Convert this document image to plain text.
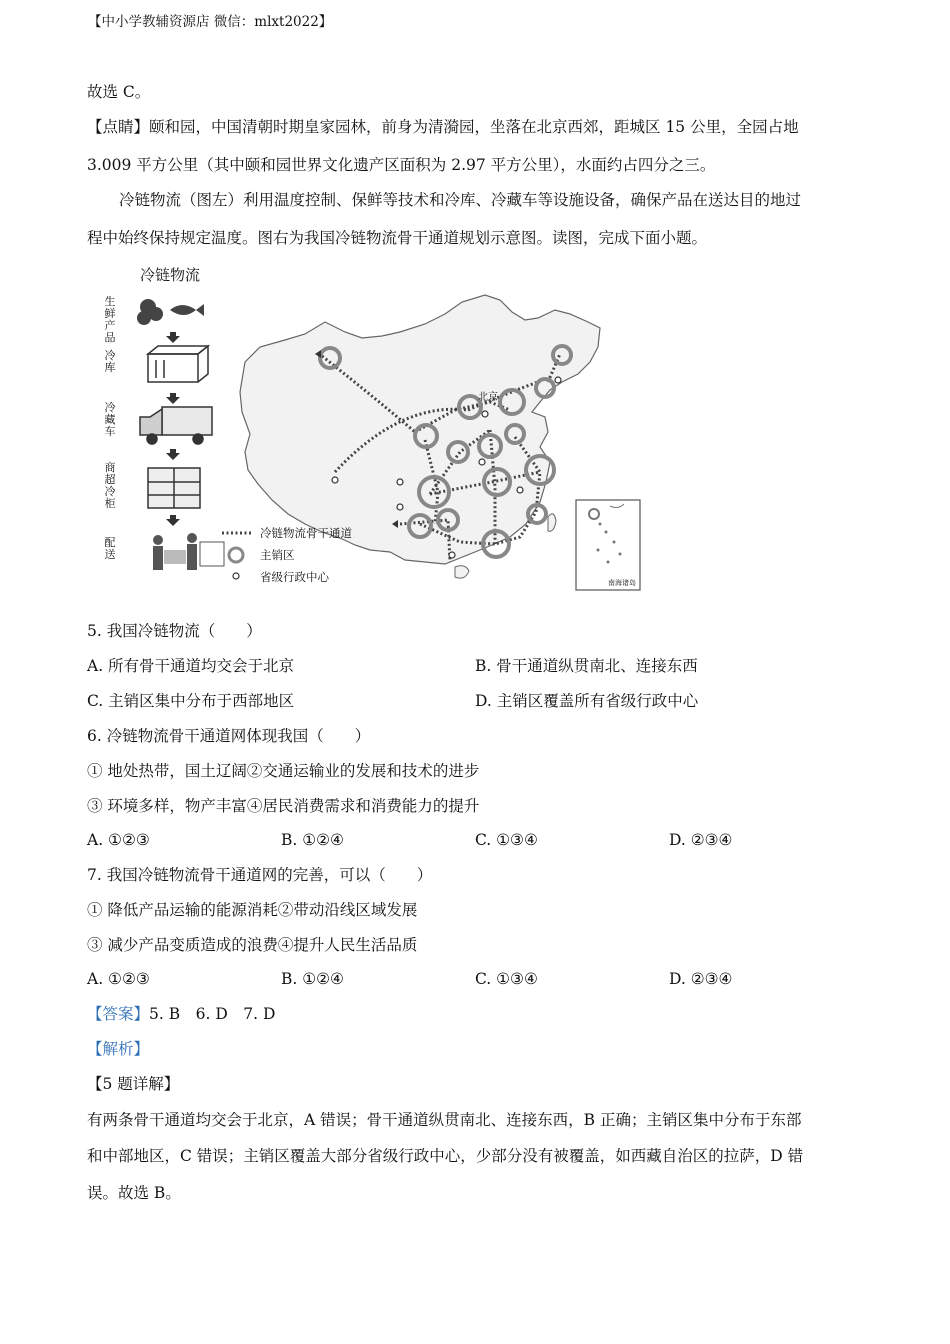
【中小学教辅资源店 微信：mlxt2022】
故选 C。
【点睛】颐和园，中国清朝时期皇家园林，前身为清漪园，坐落在北京西郊，距城区 15 公里，全园占地
3.009 平方公里（其中颐和园世界文化遗产区面积为 2.97 平方公里），水面约占四分之三。
冷链物流（图左）利用温度控制、保鲜等技术和冷库、冷藏车等设施设备，确保产品在送达目的地过
程中始终保持规定温度。图右为我国冷链物流骨干通道规划示意图。读图，完成下面小题。
冷链物流
生鲜产品
冷库
冷藏车
商超冷柜
配送
冷链物流骨干通道
主销区
省级行政中心
北京
南海诸岛
5. 我国冷链物流（　　）
A. 所有骨干通道均交会于北京	B. 骨干通道纵贯南北、连接东西
C. 主销区集中分布于西部地区	D. 主销区覆盖所有省级行政中心
6. 冷链物流骨干通道网体现我国（　　）
① 地处热带，国土辽阔②交通运输业的发展和技术的进步
③ 环境多样，物产丰富④居民消费需求和消费能力的提升
A. ①②③	B. ①②④	C. ①③④	D. ②③④
7. 我国冷链物流骨干通道网的完善，可以（　　）
① 降低产品运输的能源消耗②带动沿线区域发展
③ 减少产品变质造成的浪费④提升人民生活品质
A. ①②③	B. ①②④	C. ①③④	D. ②③④
【答案】5. B　6. D　7. D
【解析】
【5 题详解】
有两条骨干通道均交会于北京，A 错误；骨干通道纵贯南北、连接东西，B 正确；主销区集中分布于东部
和中部地区，C 错误；主销区覆盖大部分省级行政中心，少部分没有被覆盖，如西藏自治区的拉萨，D 错
误。故选 B。
